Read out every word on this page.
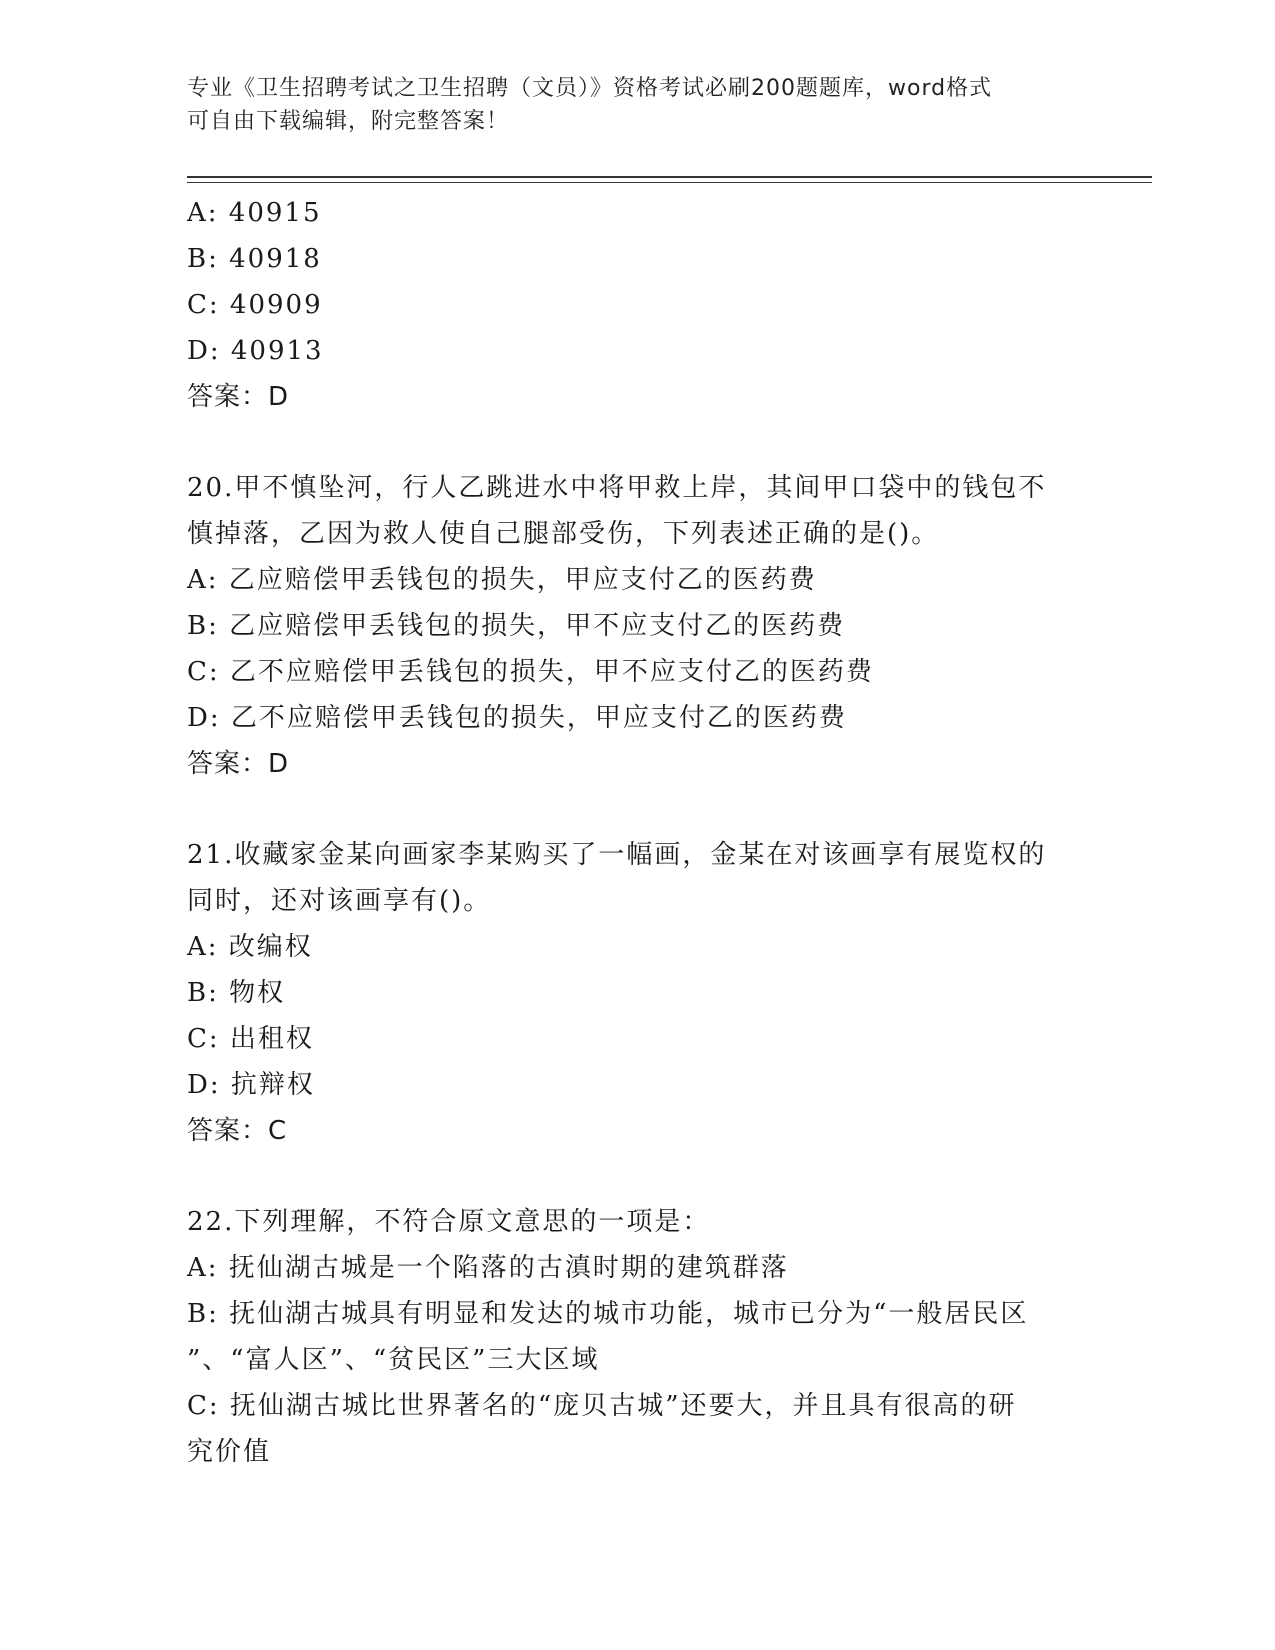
专业《卫生招聘考试之卫生招聘（文员）》资格考试必刷200题题库，word格式
可自由下载编辑，附完整答案！
A: 40915
B: 40918
C: 40909
D: 40913
答案：D
20.甲不慎坠河，行人乙跳进水中将甲救上岸，其间甲口袋中的钱包不
慎掉落，乙因为救人使自己腿部受伤，下列表述正确的是()。
A: 乙应赔偿甲丢钱包的损失，甲应支付乙的医药费
B: 乙应赔偿甲丢钱包的损失，甲不应支付乙的医药费
C: 乙不应赔偿甲丢钱包的损失，甲不应支付乙的医药费
D: 乙不应赔偿甲丢钱包的损失，甲应支付乙的医药费
答案：D
21.收藏家金某向画家李某购买了一幅画，金某在对该画享有展览权的
同时，还对该画享有()。
A: 改编权
B: 物权
C: 出租权
D: 抗辩权
答案：C
22.下列理解，不符合原文意思的一项是：
A: 抚仙湖古城是一个陷落的古滇时期的建筑群落
B: 抚仙湖古城具有明显和发达的城市功能，城市已分为“一般居民区
”、“富人区”、“贫民区”三大区域
C: 抚仙湖古城比世界著名的“庞贝古城”还要大，并且具有很高的研
究价值
